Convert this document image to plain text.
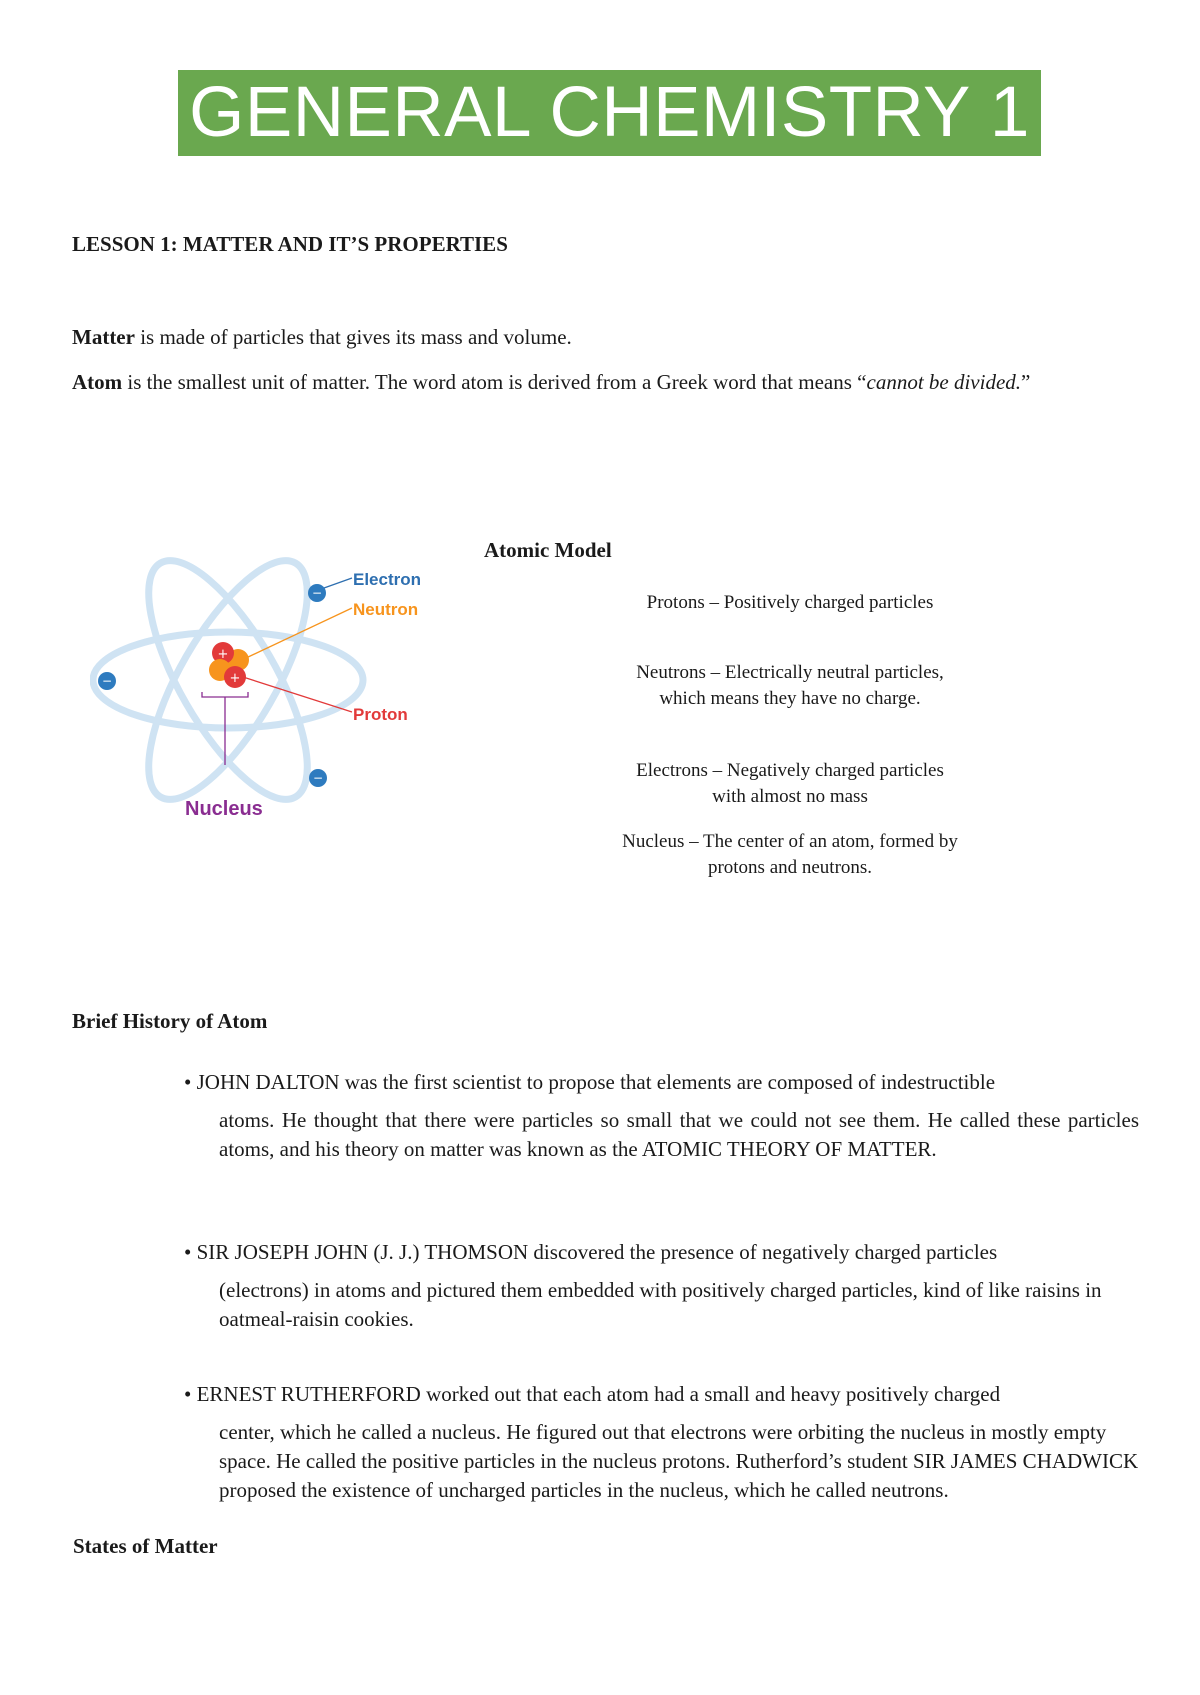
GENERAL CHEMISTRY 1
LESSON 1: MATTER AND IT’S PROPERTIES
Matter is made of particles that gives its mass and volume.
Atom is the smallest unit of matter. The word atom is derived from a Greek word that means “cannot be divided.”
Atomic Model
+
+
−
−
−
Electron
Neutron
Proton
Nucleus
Protons – Positively charged particles
Neutrons – Electrically neutral particles, which means they have no charge.
Electrons – Negatively charged particles with almost no mass
Nucleus – The center of an atom, formed by protons and neutrons.
Brief History of Atom
• JOHN DALTON was the first scientist to propose that elements are composed of indestructible
atoms. He thought that there were particles so small that we could not see them. He called these particles atoms, and his theory on matter was known as the ATOMIC THEORY OF MATTER.
• SIR JOSEPH JOHN (J. J.) THOMSON discovered the presence of negatively charged particles
(electrons) in atoms and pictured them embedded with positively charged particles, kind of like raisins in oatmeal-raisin cookies.
• ERNEST RUTHERFORD worked out that each atom had a small and heavy positively charged
center, which he called a nucleus. He figured out that electrons were orbiting the nucleus in mostly empty space. He called the positive particles in the nucleus protons. Rutherford’s student SIR JAMES CHADWICK proposed the existence of uncharged particles in the nucleus, which he called neutrons.
States of Matter
